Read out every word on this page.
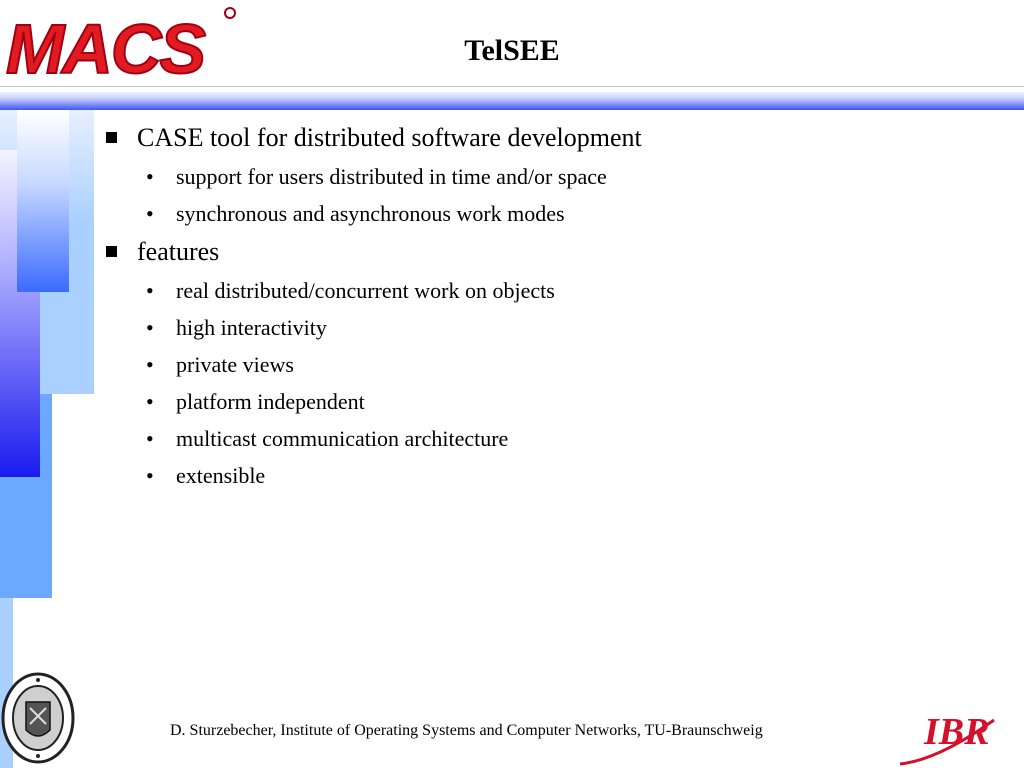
MACS	TelSEE
CASE tool for distributed software development
• support for users distributed in time and/or space
• synchronous and asynchronous work modes
features
• real distributed/concurrent work on objects
• high interactivity
• private views
• platform independent
• multicast communication architecture
• extensible
D. Sturzebecher, Institute of Operating Systems and Computer Networks, TU-Braunschweig	IBR
